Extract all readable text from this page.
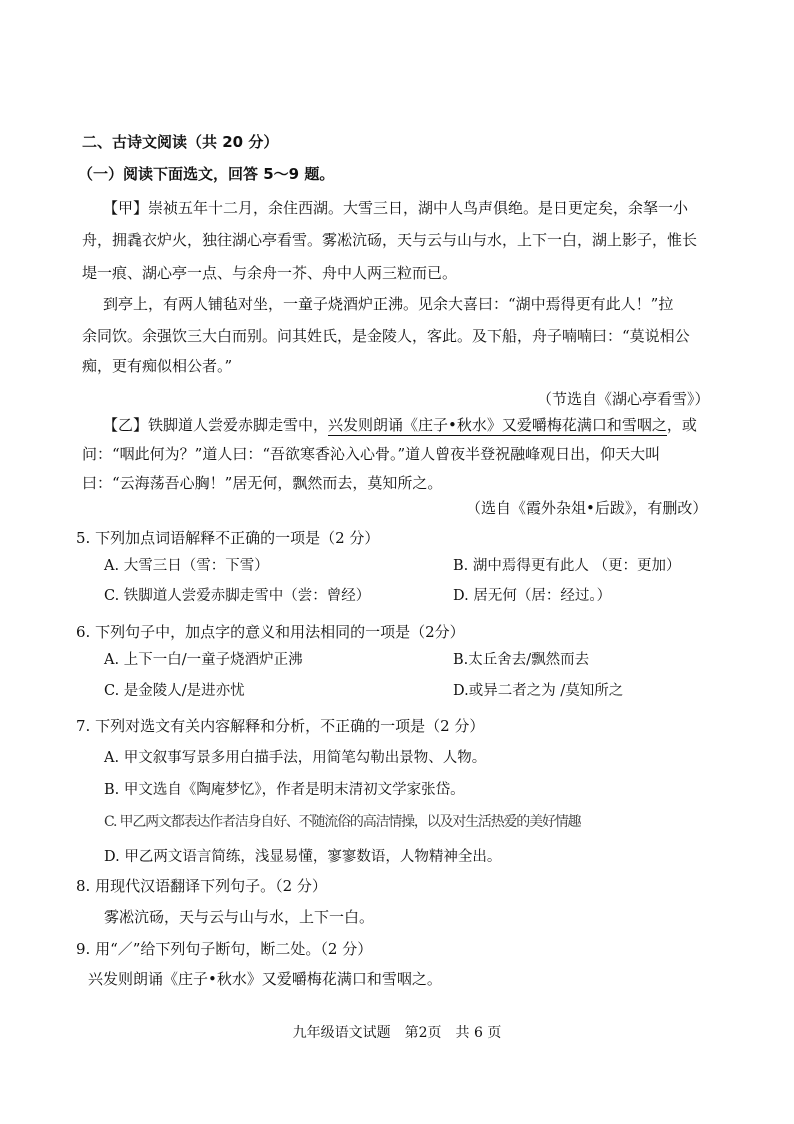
二、古诗文阅读（共 20 分）
（一）阅读下面选文，回答 5～9 题。
【甲】崇祯五年十二月，余住西湖。大雪三日，湖中人鸟声俱绝。是日更定矣，余拏一小
舟，拥毳衣炉火，独往湖心亭看雪。雾凇沆砀，天与云与山与水，上下一白，湖上影子，惟长
堤一痕、湖心亭一点、与余舟一芥、舟中人两三粒而已。
到亭上，有两人铺毡对坐，一童子烧酒炉正沸。见余大喜曰：“湖中焉得更有此人！”拉
余同饮。余强饮三大白而别。问其姓氏，是金陵人，客此。及下船，舟子喃喃曰：“莫说相公
痴，更有痴似相公者。”
（节选自《湖心亭看雪》）
【乙】铁脚道人尝爱赤脚走雪中，兴发则朗诵《庄子•秋水》又爱嚼梅花满口和雪咽之，或
问：“咽此何为？”道人曰：“吾欲寒香沁入心骨。”道人曾夜半登祝融峰观日出，仰天大叫
曰：“云海荡吾心胸！”居无何，飘然而去，莫知所之。
（选自《霞外杂俎•后跋》，有删改）
5. 下列加点词语解释不正确的一项是（2 分）
A. 大雪三日（雪：下雪）	B. 湖中焉得更有此人 （更：更加）
C. 铁脚道人尝爱赤脚走雪中（尝：曾经）	D. 居无何（居：经过。）
6. 下列句子中，加点字的意义和用法相同的一项是（2分）
A. 上下一白/一童子烧酒炉正沸	B.太丘舍去/飘然而去
C. 是金陵人/是进亦忧	D.或异二者之为 /莫知所之
7. 下列对选文有关内容解释和分析，不正确的一项是（2 分）
A. 甲文叙事写景多用白描手法，用简笔勾勒出景物、人物。
B. 甲文选自《陶庵梦忆》，作者是明末清初文学家张岱。
C. 甲乙两文都表达作者洁身自好、不随流俗的高洁情操，以及对生活热爱的美好情趣
D. 甲乙两文语言简练，浅显易懂，寥寥数语，人物精神全出。
8. 用现代汉语翻译下列句子。（2 分）
雾凇沆砀，天与云与山与水，上下一白。
9. 用“／”给下列句子断句，断二处。（2 分）
兴发则朗诵《庄子•秋水》又爱嚼梅花满口和雪咽之。
九年级语文试题　第2页　共 6 页
